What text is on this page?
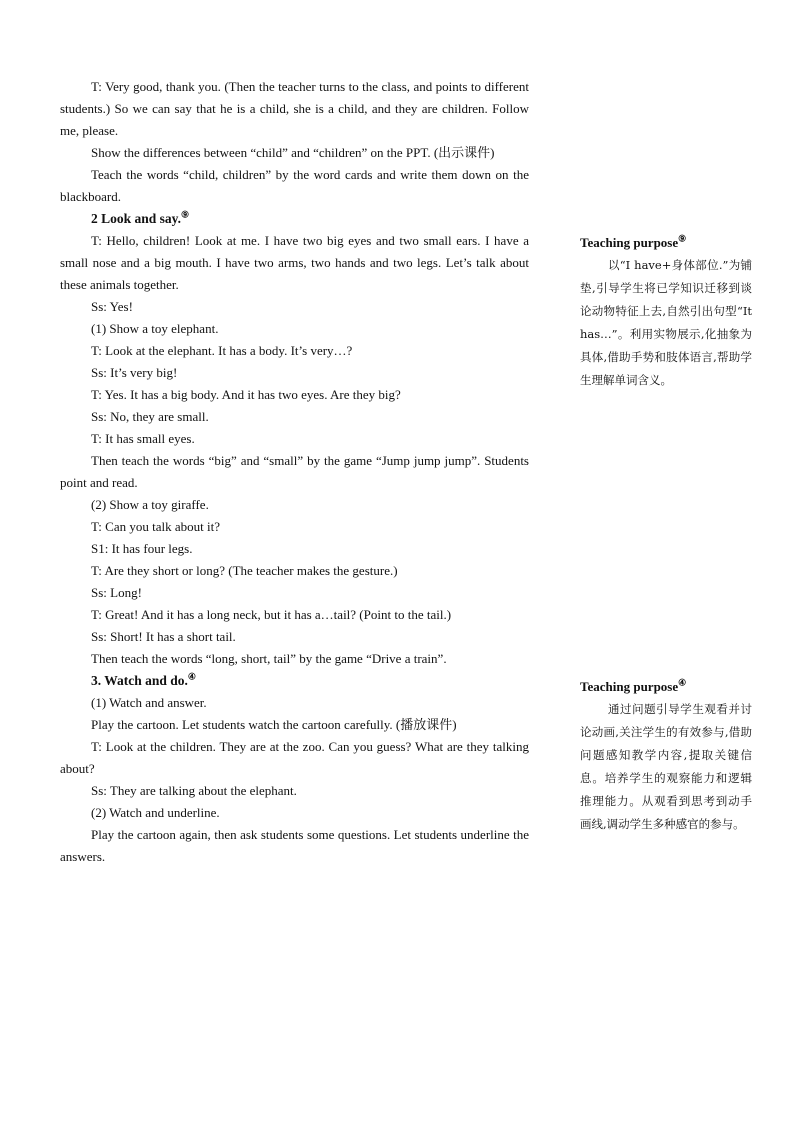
T: Very good, thank you. (Then the teacher turns to the class, and points to different students.) So we can say that he is a child, she is a child, and they are children. Follow me, please.

Show the differences between “child” and “children” on the PPT. (出示课件)

Teach the words “child, children” by the word cards and write them down on the blackboard.

2 Look and say.⑨

T: Hello, children! Look at me. I have two big eyes and two small ears. I have a small nose and a big mouth. I have two arms, two hands and two legs. Let’s talk about these animals together.

Ss: Yes!

(1) Show a toy elephant.

T: Look at the elephant. It has a body. It’s very…?

Ss: It’s very big!

T: Yes. It has a big body. And it has two eyes. Are they big?

Ss: No, they are small.

T: It has small eyes.

Then teach the words “big” and “small” by the game “Jump jump jump”. Students point and read.

(2) Show a toy giraffe.

T: Can you talk about it?

S1: It has four legs.

T: Are they short or long? (The teacher makes the gesture.)

Ss: Long!

T: Great! And it has a long neck, but it has a…tail? (Point to the tail.)

Ss: Short! It has a short tail.

Then teach the words “long, short, tail” by the game “Drive a train”.

3. Watch and do.④

(1) Watch and answer.

Play the cartoon. Let students watch the cartoon carefully. (播放课件)

T: Look at the children. They are at the zoo. Can you guess? What are they talking about?

Ss: They are talking about the elephant.

(2) Watch and underline.

Play the cartoon again, then ask students some questions. Let students underline the answers.

Teaching purpose⑨

以“I have+身体部位.”为铺垫,引导学生将已学知识迁移到谈论动物特征上去,自然引出句型“It has…”。利用实物展示,化抽象为具体,借助手势和肢体语言,帮助学生理解单词含义。

Teaching purpose④

通过问题引导学生观看并讨论动画,关注学生的有效参与,借助问题感知教学内容,提取关键信息。培养学生的观察能力和逻辑推理能力。从观看到思考到动手画线,调动学生多种感官的参与。
